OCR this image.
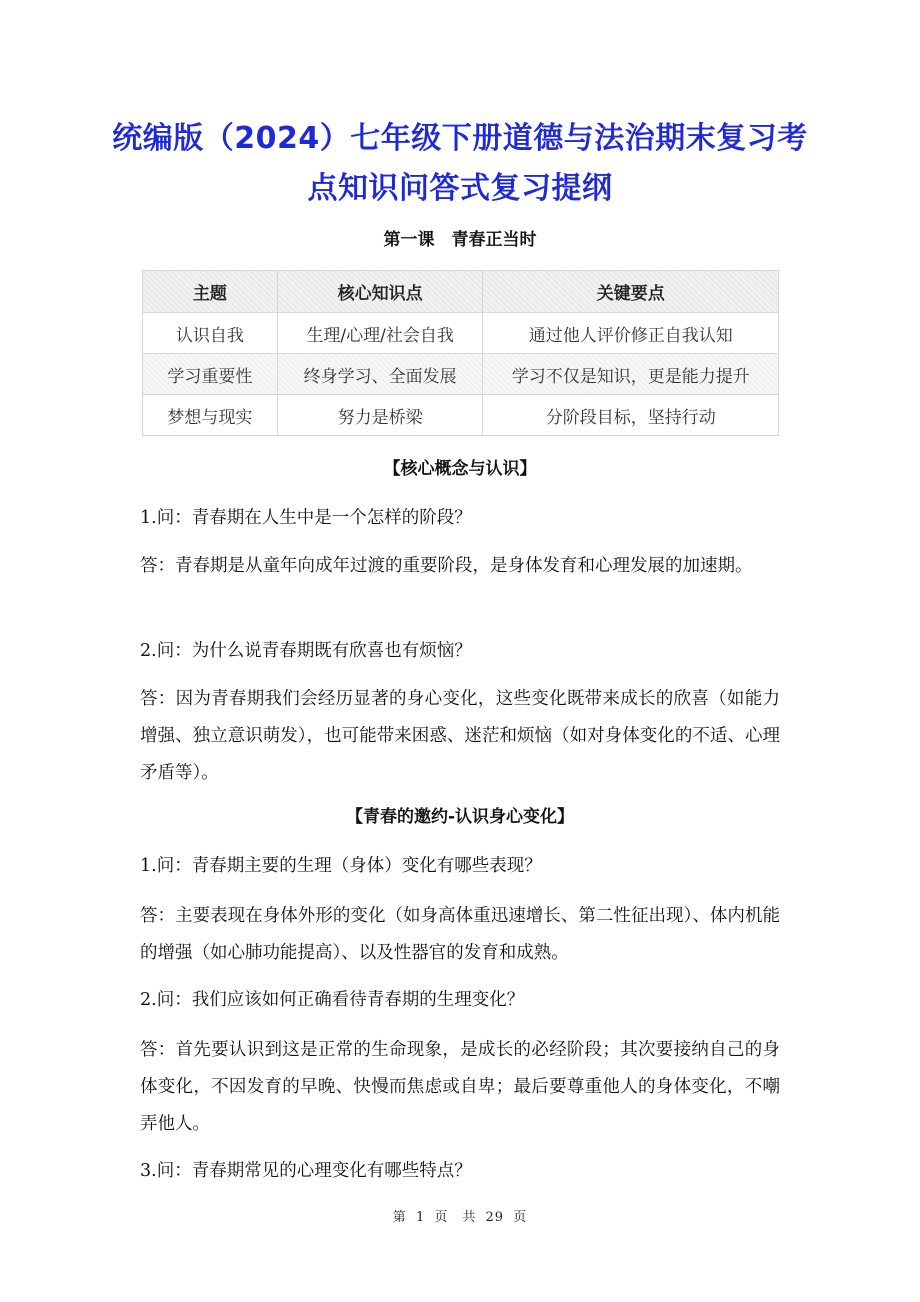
统编版（2024）七年级下册道德与法治期末复习考
点知识问答式复习提纲
第一课　青春正当时
主题	核心知识点	关键要点
认识自我	生理/心理/社会自我	通过他人评价修正自我认知
学习重要性	终身学习、全面发展	学习不仅是知识，更是能力提升
梦想与现实	努力是桥梁	分阶段目标，坚持行动
【核心概念与认识】
1.问：青春期在人生中是一个怎样的阶段？
答：青春期是从童年向成年过渡的重要阶段，是身体发育和心理发展的加速期。
2.问：为什么说青春期既有欣喜也有烦恼？
答：因为青春期我们会经历显著的身心变化，这些变化既带来成长的欣喜（如能力增强、独立意识萌发），也可能带来困惑、迷茫和烦恼（如对身体变化的不适、心理矛盾等）。
【青春的邀约-认识身心变化】
1.问：青春期主要的生理（身体）变化有哪些表现？
答：主要表现在身体外形的变化（如身高体重迅速增长、第二性征出现）、体内机能的增强（如心肺功能提高）、以及性器官的发育和成熟。
2.问：我们应该如何正确看待青春期的生理变化？
答：首先要认识到这是正常的生命现象，是成长的必经阶段；其次要接纳自己的身体变化，不因发育的早晚、快慢而焦虑或自卑；最后要尊重他人的身体变化，不嘲弄他人。
3.问：青春期常见的心理变化有哪些特点？
第 1 页　共 29 页
